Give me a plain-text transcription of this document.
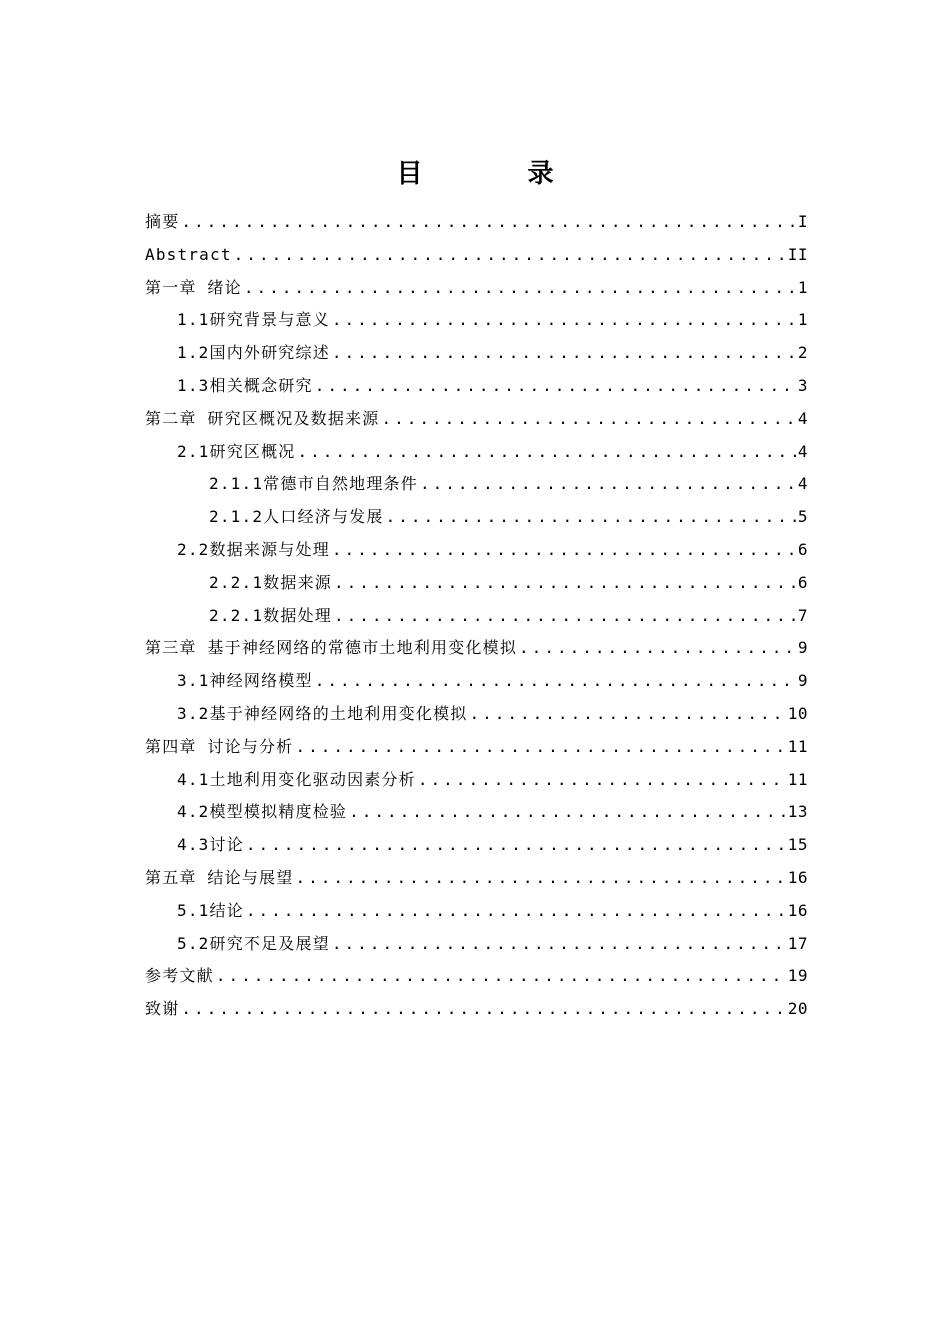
目 录
摘要 .....	I
Abstract .....	II
第一章 绪论 .....	1
1.1研究背景与意义 .....	1
1.2国内外研究综述 .....	2
1.3相关概念研究 .....	3
第二章 研究区概况及数据来源 .....	4
2.1研究区概况 .....	4
2.1.1常德市自然地理条件 .....	4
2.1.2人口经济与发展 .....	5
2.2数据来源与处理 .....	6
2.2.1数据来源 .....	6
2.2.1数据处理 .....	7
第三章 基于神经网络的常德市土地利用变化模拟 .....	9
3.1神经网络模型 .....	9
3.2基于神经网络的土地利用变化模拟 .....	10
第四章 讨论与分析 .....	11
4.1土地利用变化驱动因素分析 .....	11
4.2模型模拟精度检验 .....	13
4.3讨论 .....	15
第五章 结论与展望 .....	16
5.1结论 .....	16
5.2研究不足及展望 .....	17
参考文献 .....	19
致谢 .....	20
